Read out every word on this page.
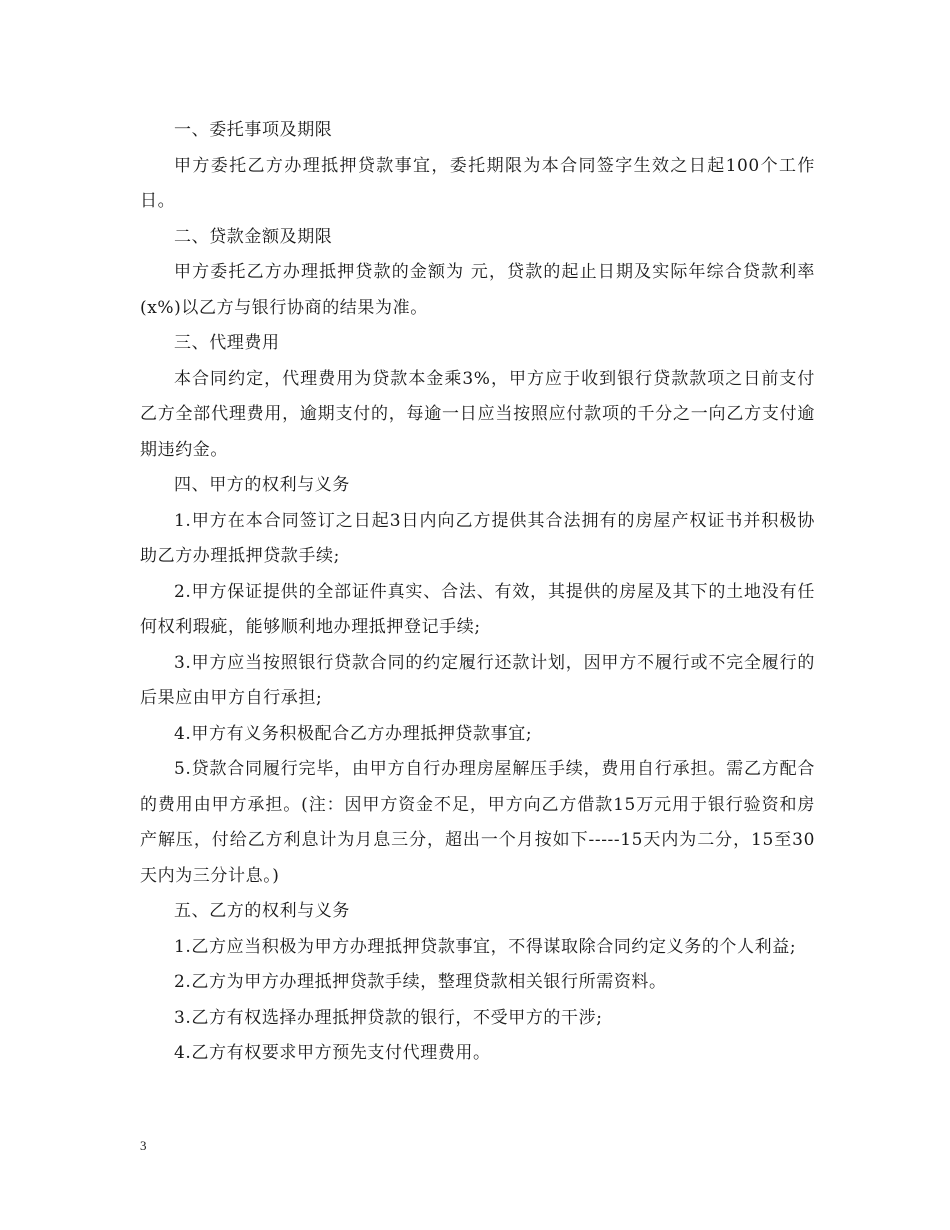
一、委托事项及期限

甲方委托乙方办理抵押贷款事宜，委托期限为本合同签字生效之日起100个工作日。

二、贷款金额及期限

甲方委托乙方办理抵押贷款的金额为 元，贷款的起止日期及实际年综合贷款利率(x%)以乙方与银行协商的结果为准。

三、代理费用

本合同约定，代理费用为贷款本金乘3%，甲方应于收到银行贷款款项之日前支付乙方全部代理费用，逾期支付的，每逾一日应当按照应付款项的千分之一向乙方支付逾期违约金。

四、甲方的权利与义务

1.甲方在本合同签订之日起3日内向乙方提供其合法拥有的房屋产权证书并积极协助乙方办理抵押贷款手续;

2.甲方保证提供的全部证件真实、合法、有效，其提供的房屋及其下的土地没有任何权利瑕疵，能够顺利地办理抵押登记手续;

3.甲方应当按照银行贷款合同的约定履行还款计划，因甲方不履行或不完全履行的后果应由甲方自行承担;

4.甲方有义务积极配合乙方办理抵押贷款事宜;

5.贷款合同履行完毕，由甲方自行办理房屋解压手续，费用自行承担。需乙方配合的费用由甲方承担。(注：因甲方资金不足，甲方向乙方借款15万元用于银行验资和房产解压，付给乙方利息计为月息三分，超出一个月按如下-----15天内为二分，15至30天内为三分计息。)

五、乙方的权利与义务

1.乙方应当积极为甲方办理抵押贷款事宜，不得谋取除合同约定义务的个人利益;

2.乙方为甲方办理抵押贷款手续，整理贷款相关银行所需资料。

3.乙方有权选择办理抵押贷款的银行，不受甲方的干涉;

4.乙方有权要求甲方预先支付代理费用。

3
